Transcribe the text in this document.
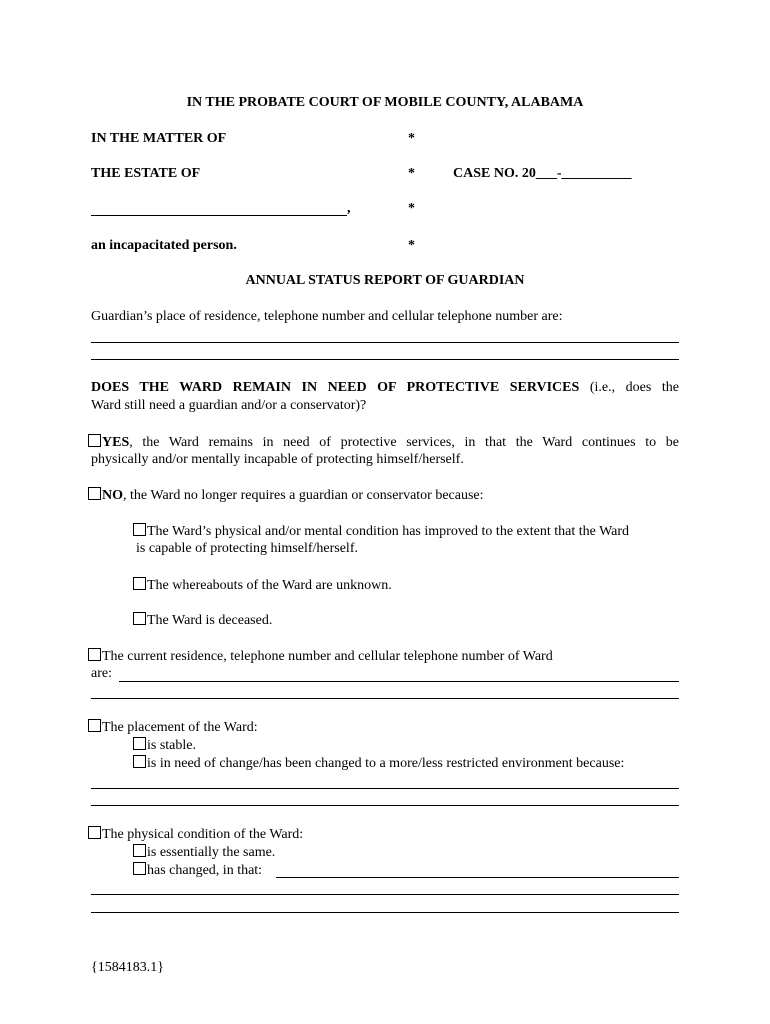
IN THE PROBATE COURT OF MOBILE COUNTY, ALABAMA
IN THE MATTER OF	*
THE ESTATE OF	*	CASE NO. 20___-__________
,	*
an incapacitated person.	*
ANNUAL STATUS REPORT OF GUARDIAN
Guardian’s place of residence, telephone number and cellular telephone number are:
DOES THE WARD REMAIN IN NEED OF PROTECTIVE SERVICES (i.e., does the
Ward still need a guardian and/or a conservator)?
YES, the Ward remains in need of protective services, in that the Ward continues to be
physically and/or mentally incapable of protecting himself/herself.
NO, the Ward no longer requires a guardian or conservator because:
The Ward’s physical and/or mental condition has improved to the extent that the Ward
is capable of protecting himself/herself.
The whereabouts of the Ward are unknown.
The Ward is deceased.
The current residence, telephone number and cellular telephone number of Ward
are:
The placement of the Ward:
is stable.
is in need of change/has been changed to a more/less restricted environment because:
The physical condition of the Ward:
is essentially the same.
has changed, in that:
{1584183.1}
